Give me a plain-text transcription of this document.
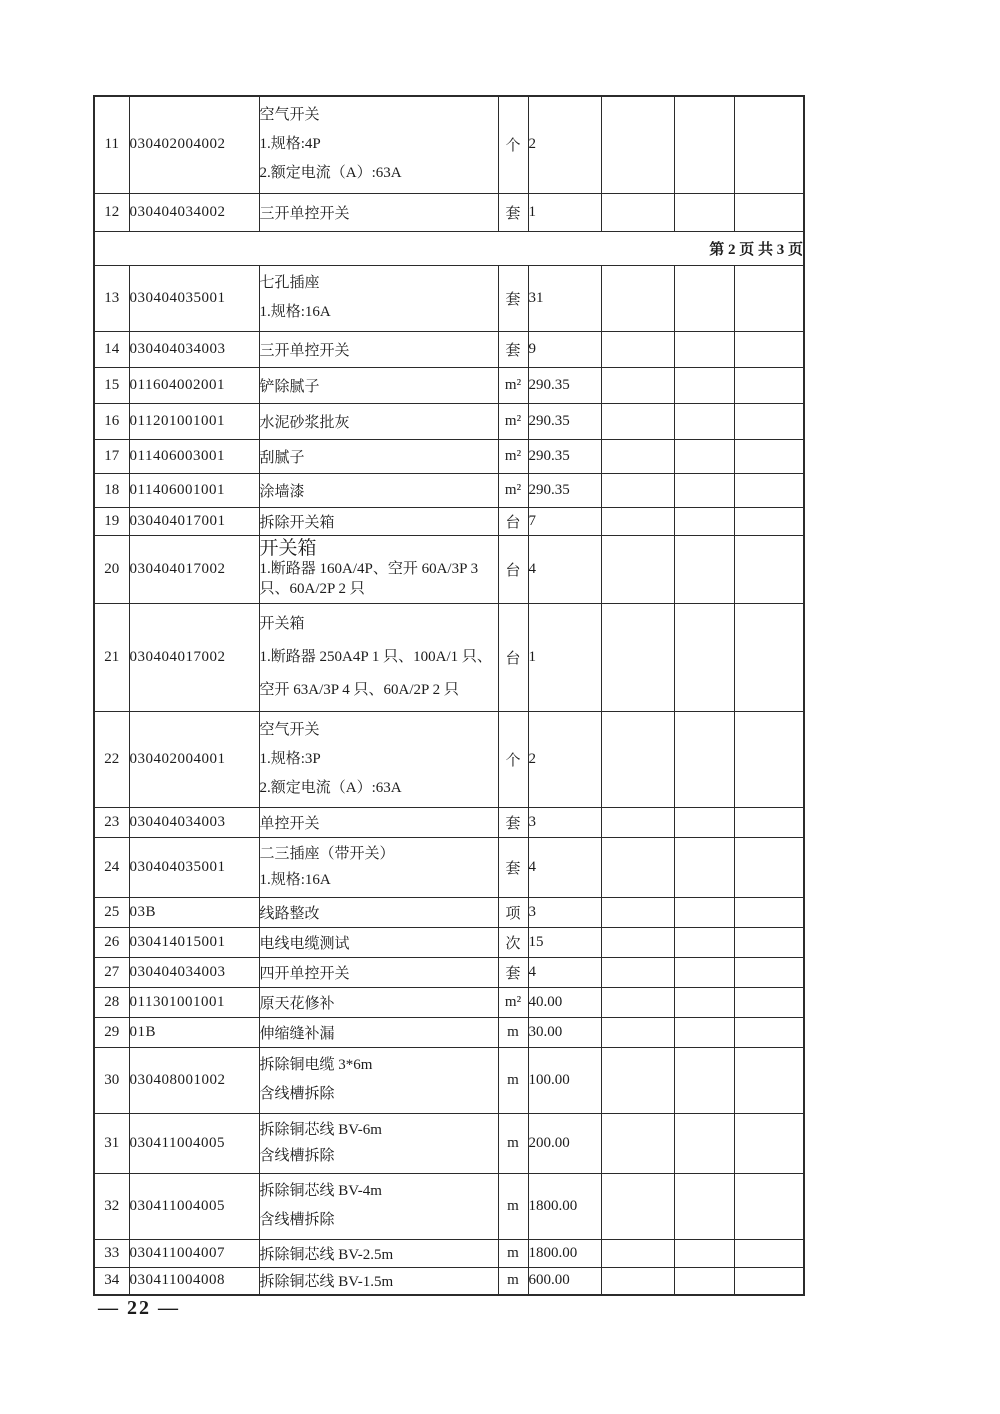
11	030402004002	空气开关
1.规格:4P
2.额定电流（A）:63A	个	2			
12	030404034002	三开单控开关	套	1			
第 2 页 共 3 页							
13	030404035001	七孔插座
1.规格:16A	套	31			
14	030404034003	三开单控开关	套	9			
15	011604002001	铲除腻子	m²	290.35			
16	011201001001	水泥砂浆批灰	m²	290.35			
17	011406003001	刮腻子	m²	290.35			
18	011406001001	涂墙漆	m²	290.35			
19	030404017001	拆除开关箱	台	7			
20	030404017002	开关箱
1.断路器 160A/4P、空开 60A/3P 3
只、60A/2P 2 只	台	4			
21	030404017002	开关箱
1.断路器 250A4P 1 只、100A/1 只、
空开 63A/3P 4 只、60A/2P 2 只	台	1			
22	030402004001	空气开关
1.规格:3P
2.额定电流（A）:63A	个	2			
23	030404034003	单控开关	套	3			
24	030404035001	二三插座（带开关）
1.规格:16A	套	4			
25	03B	线路整改	项	3			
26	030414015001	电线电缆测试	次	15			
27	030404034003	四开单控开关	套	4			
28	011301001001	原天花修补	m²	40.00			
29	01B	伸缩缝补漏	m	30.00			
30	030408001002	拆除铜电缆 3*6m
含线槽拆除	m	100.00			
31	030411004005	拆除铜芯线 BV-6m
含线槽拆除	m	200.00			
32	030411004005	拆除铜芯线 BV-4m
含线槽拆除	m	1800.00			
33	030411004007	拆除铜芯线 BV-2.5m	m	1800.00			
34	030411004008	拆除铜芯线 BV-1.5m	m	600.00			
— 22 —
